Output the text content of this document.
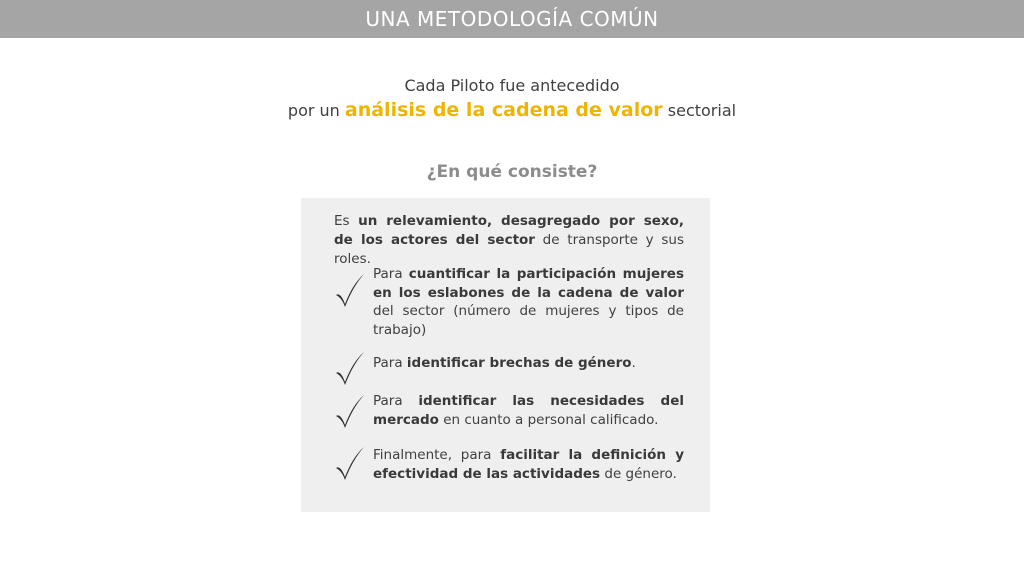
UNA METODOLOGÍA COMÚN
Cada Piloto fue antecedido
por un análisis de la cadena de valor sectorial
¿En qué consiste?
Es un relevamiento, desagregado por sexo, de los actores del sector de transporte y sus roles.
Para cuantificar la participación mujeres en los eslabones de la cadena de valor del sector (número de mujeres y tipos de trabajo)
Para identificar brechas de género.
Para identificar las necesidades del mercado en cuanto a personal calificado.
Finalmente, para facilitar la definición y efectividad de las actividades de género.
